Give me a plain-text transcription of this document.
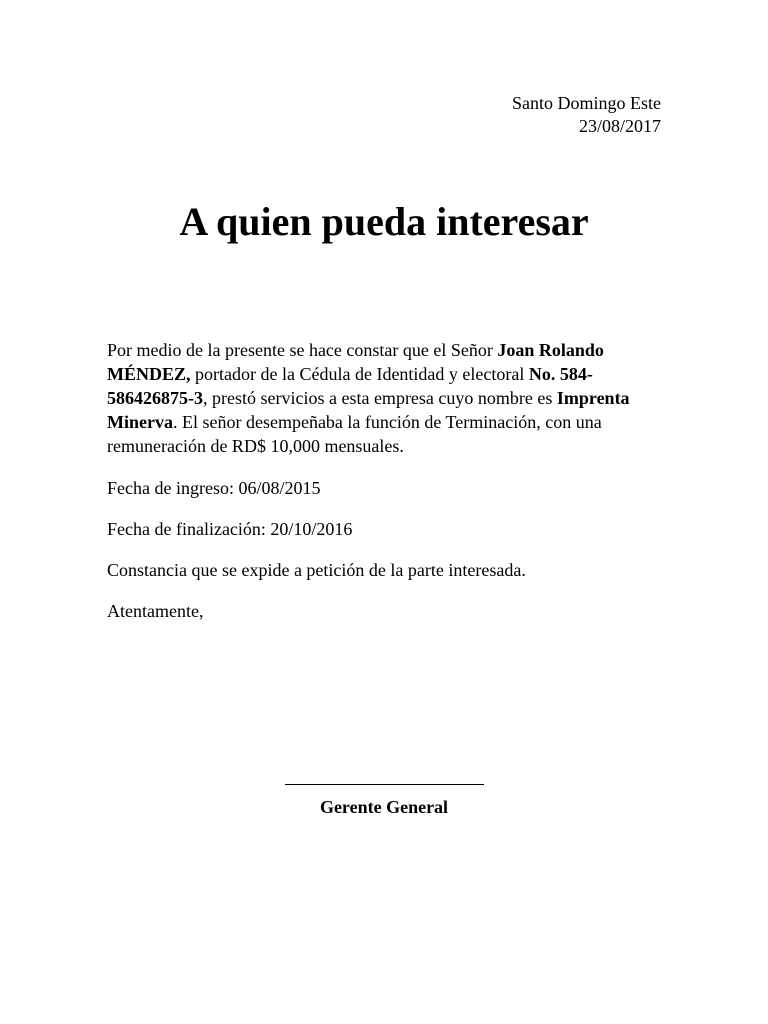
Santo Domingo Este
23/08/2017
A quien pueda interesar

Por medio de la presente se hace constar que el Señor Joan Rolando MÉNDEZ, portador de la Cédula de Identidad y electoral No. 584-586426875-3, prestó servicios a esta empresa cuyo nombre es Imprenta Minerva. El señor desempeñaba la función de Terminación, con una remuneración de RD$ 10,000 mensuales.

Fecha de ingreso: 06/08/2015

Fecha de finalización: 20/10/2016

Constancia que se expide a petición de la parte interesada.

Atentamente,

Gerente General
